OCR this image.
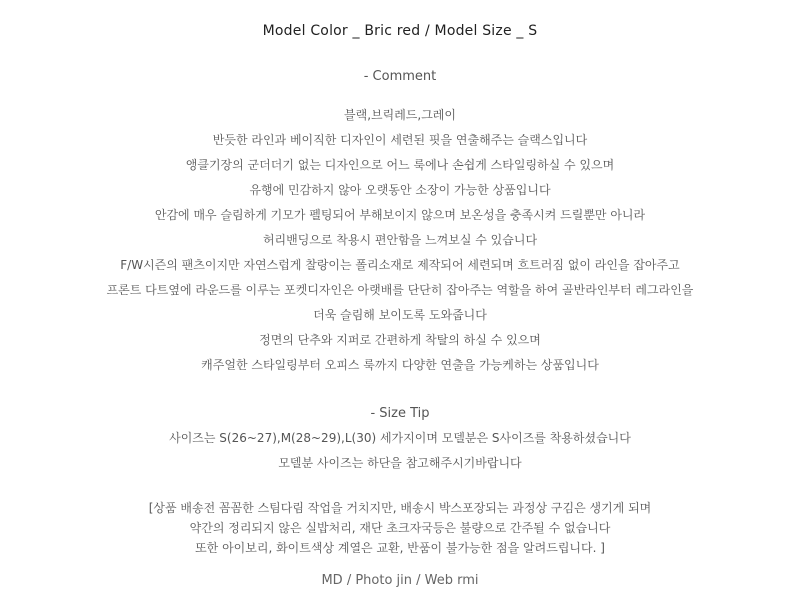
Model Color _ Bric red / Model Size _ S
- Comment
블랙,브릭레드,그레이
반듯한 라인과 베이직한 디자인이 세련된 핏을 연출해주는 슬랙스입니다
앵클기장의 군더더기 없는 디자인으로 어느 룩에나 손쉽게 스타일링하실 수 있으며
유행에 민감하지 않아 오랫동안 소장이 가능한 상품입니다
안감에 매우 슬림하게 기모가 펠팅되어 부해보이지 않으며 보온성을 충족시켜 드릴뿐만 아니라
허리밴딩으로 착용시 편안함을 느껴보실 수 있습니다
F/W시즌의 팬츠이지만 자연스럽게 찰랑이는 폴리소재로 제작되어 세련되며 흐트러짐 없이 라인을 잡아주고
프론트 다트옆에 라운드를 이루는 포켓디자인은 아랫배를 단단히 잡아주는 역할을 하여 골반라인부터 레그라인을
더욱 슬림해 보이도록 도와줍니다
정면의 단추와 지퍼로 간편하게 착탈의 하실 수 있으며
캐주얼한 스타일링부터 오피스 룩까지 다양한 연출을 가능케하는 상품입니다
- Size Tip
사이즈는 S(26~27),M(28~29),L(30) 세가지이며 모델분은 S사이즈를 착용하셨습니다
모델분 사이즈는 하단을 참고해주시기바랍니다
[상품 배송전 꼼꼼한 스팀다림 작업을 거치지만, 배송시 박스포장되는 과정상 구김은 생기게 되며
약간의 정리되지 않은 실밥처리, 재단 초크자국등은 불량으로 간주될 수 없습니다
또한 아이보리, 화이트색상 계열은 교환, 반품이 불가능한 점을 알려드립니다. ]
MD / Photo jin / Web rmi
